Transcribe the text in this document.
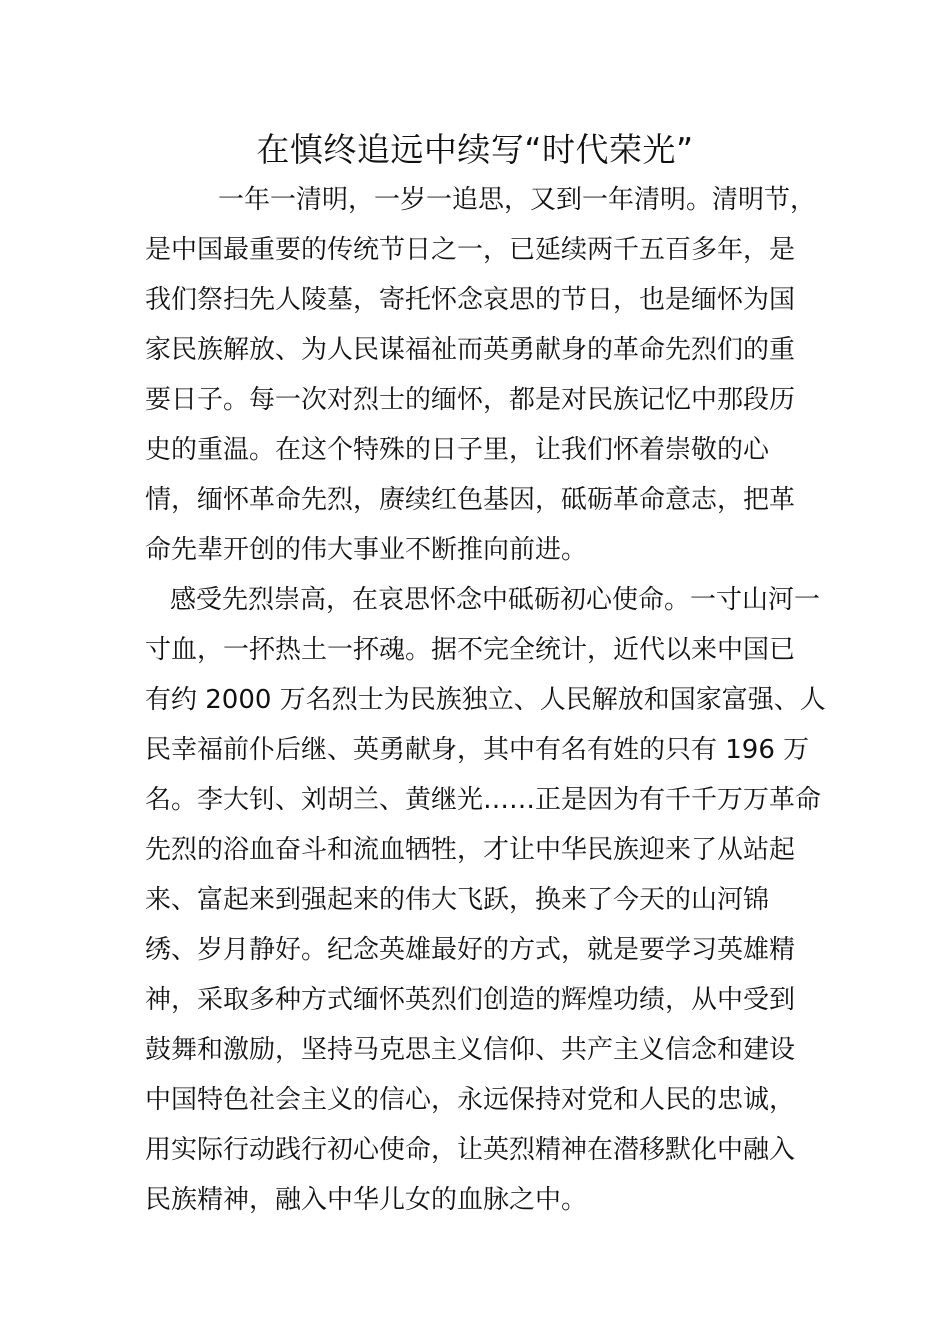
在慎终追远中续写“时代荣光”

一年一清明，一岁一追思，又到一年清明。清明节，

是中国最重要的传统节日之一，已延续两千五百多年，是

我们祭扫先人陵墓，寄托怀念哀思的节日，也是缅怀为国

家民族解放、为人民谋福祉而英勇献身的革命先烈们的重

要日子。每一次对烈士的缅怀，都是对民族记忆中那段历

史的重温。在这个特殊的日子里，让我们怀着崇敬的心

情，缅怀革命先烈，赓续红色基因，砥砺革命意志，把革

命先辈开创的伟大事业不断推向前进。

感受先烈崇高，在哀思怀念中砥砺初心使命。一寸山河一

寸血，一抔热土一抔魂。据不完全统计，近代以来中国已

有约 2000 万名烈士为民族独立、人民解放和国家富强、人

民幸福前仆后继、英勇献身，其中有名有姓的只有 196 万

名。李大钊、刘胡兰、黄继光……正是因为有千千万万革命

先烈的浴血奋斗和流血牺牲，才让中华民族迎来了从站起

来、富起来到强起来的伟大飞跃，换来了今天的山河锦

绣、岁月静好。纪念英雄最好的方式，就是要学习英雄精

神，采取多种方式缅怀英烈们创造的辉煌功绩，从中受到

鼓舞和激励，坚持马克思主义信仰、共产主义信念和建设

中国特色社会主义的信心，永远保持对党和人民的忠诚，

用实际行动践行初心使命，让英烈精神在潜移默化中融入

民族精神，融入中华儿女的血脉之中。
